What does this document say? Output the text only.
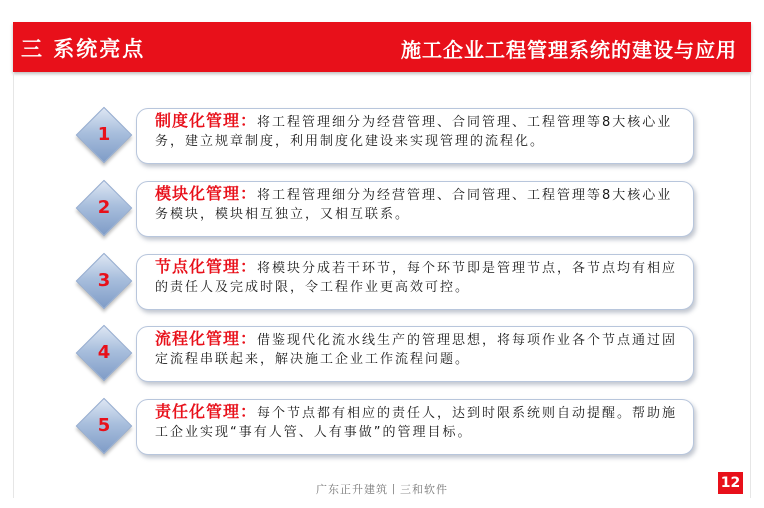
三 系统亮点	施工企业工程管理系统的建设与应用
1
制度化管理：将工程管理细分为经营管理、合同管理、工程管理等8大核心业务，建立规章制度，利用制度化建设来实现管理的流程化。
2
模块化管理：将工程管理细分为经营管理、合同管理、工程管理等8大核心业务模块，模块相互独立，又相互联系。
3
节点化管理：将模块分成若干环节，每个环节即是管理节点，各节点均有相应的责任人及完成时限，令工程作业更高效可控。
4
流程化管理：借鉴现代化流水线生产的管理思想，将每项作业各个节点通过固定流程串联起来，解决施工企业工作流程问题。
5
责任化管理：每个节点都有相应的责任人，达到时限系统则自动提醒。帮助施工企业实现“事有人管、人有事做”的管理目标。
广东正升建筑丨三和软件	12
